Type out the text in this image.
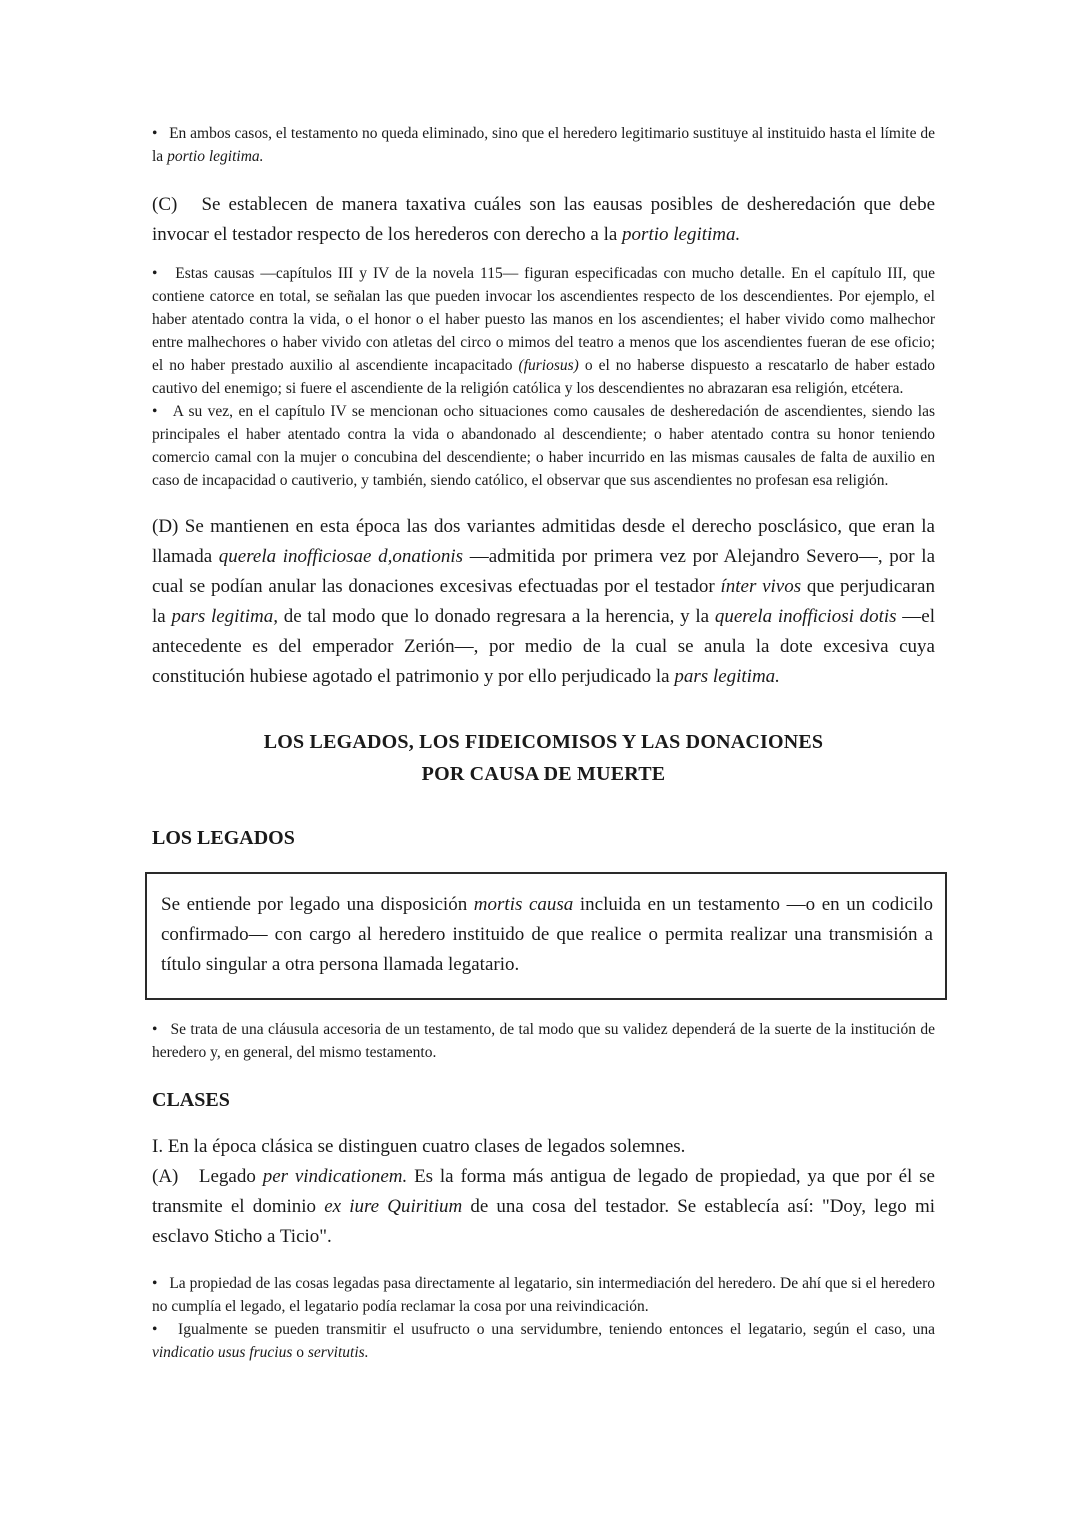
•   En ambos casos, el testamento no queda eliminado, sino que el heredero legitimario sustituye al instituido hasta el límite de la portio legitima.
(C)   Se establecen de manera taxativa cuáles son las eausas posibles de desheredación que debe invocar el testador respecto de los herederos con derecho a la portio legitima.
•   Estas causas —capítulos III y IV de la novela 115— figuran especificadas con mucho detalle. En el capítulo III, que contiene catorce en total, se señalan las que pueden invocar los ascendientes respecto de los descendientes. Por ejemplo, el haber atentado contra la vida, o el honor o el haber puesto las manos en los ascendientes; el haber vivido como malhechor entre malhechores o haber vivido con atletas del circo o mimos del teatro a menos que los ascendientes fueran de ese oficio; el no haber prestado auxilio al ascendiente incapacitado (furiosus) o el no haberse dispuesto a rescatarlo de haber estado cautivo del enemigo; si fuere el ascendiente de la religión católica y los descendientes no abrazaran esa religión, etcétera.
•   A su vez, en el capítulo IV se mencionan ocho situaciones como causales de desheredación de ascendientes, siendo las principales el haber atentado contra la vida o abandonado al descendiente; o haber atentado contra su honor teniendo comercio camal con la mujer o concubina del descendiente; o haber incurrido en las mismas causales de falta de auxilio en caso de incapacidad o cautiverio, y también, siendo católico, el observar que sus ascendientes no profesan esa religión.
(D) Se mantienen en esta época las dos variantes admitidas desde el derecho posclásico, que eran la llamada querela inofficiosae d,onationis —admitida por primera vez por Alejandro Severo—, por la cual se podían anular las donaciones excesivas efectuadas por el testador ínter vivos que perjudicaran la pars legitima, de tal modo que lo donado regresara a la herencia, y la querela inofficiosi dotis —el antecedente es del emperador Zerión—, por medio de la cual se anula la dote excesiva cuya constitución hubiese agotado el patrimonio y por ello perjudicado la pars legitima.
LOS LEGADOS, LOS FIDEICOMISOS Y LAS DONACIONES
POR CAUSA DE MUERTE
LOS LEGADOS
Se entiende por legado una disposición mortis causa incluida en un testamento —o en un codicilo confirmado— con cargo al heredero instituido de que realice o permita realizar una transmisión a título singular a otra persona llamada legatario.
•   Se trata de una cláusula accesoria de un testamento, de tal modo que su validez dependerá de la suerte de la institución de heredero y, en general, del mismo testamento.
CLASES
I. En la época clásica se distinguen cuatro clases de legados solemnes.
(A)   Legado per vindicationem. Es la forma más antigua de legado de propiedad, ya que por él se transmite el dominio ex iure Quiritium de una cosa del testador. Se establecía así: "Doy, lego mi esclavo Sticho a Ticio".
•   La propiedad de las cosas legadas pasa directamente al legatario, sin intermediación del heredero. De ahí que si el heredero no cumplía el legado, el legatario podía reclamar la cosa por una reivindicación.
•   Igualmente se pueden transmitir el usufructo o una servidumbre, teniendo entonces el legatario, según el caso, una vindicatio usus frucius o servitutis.
